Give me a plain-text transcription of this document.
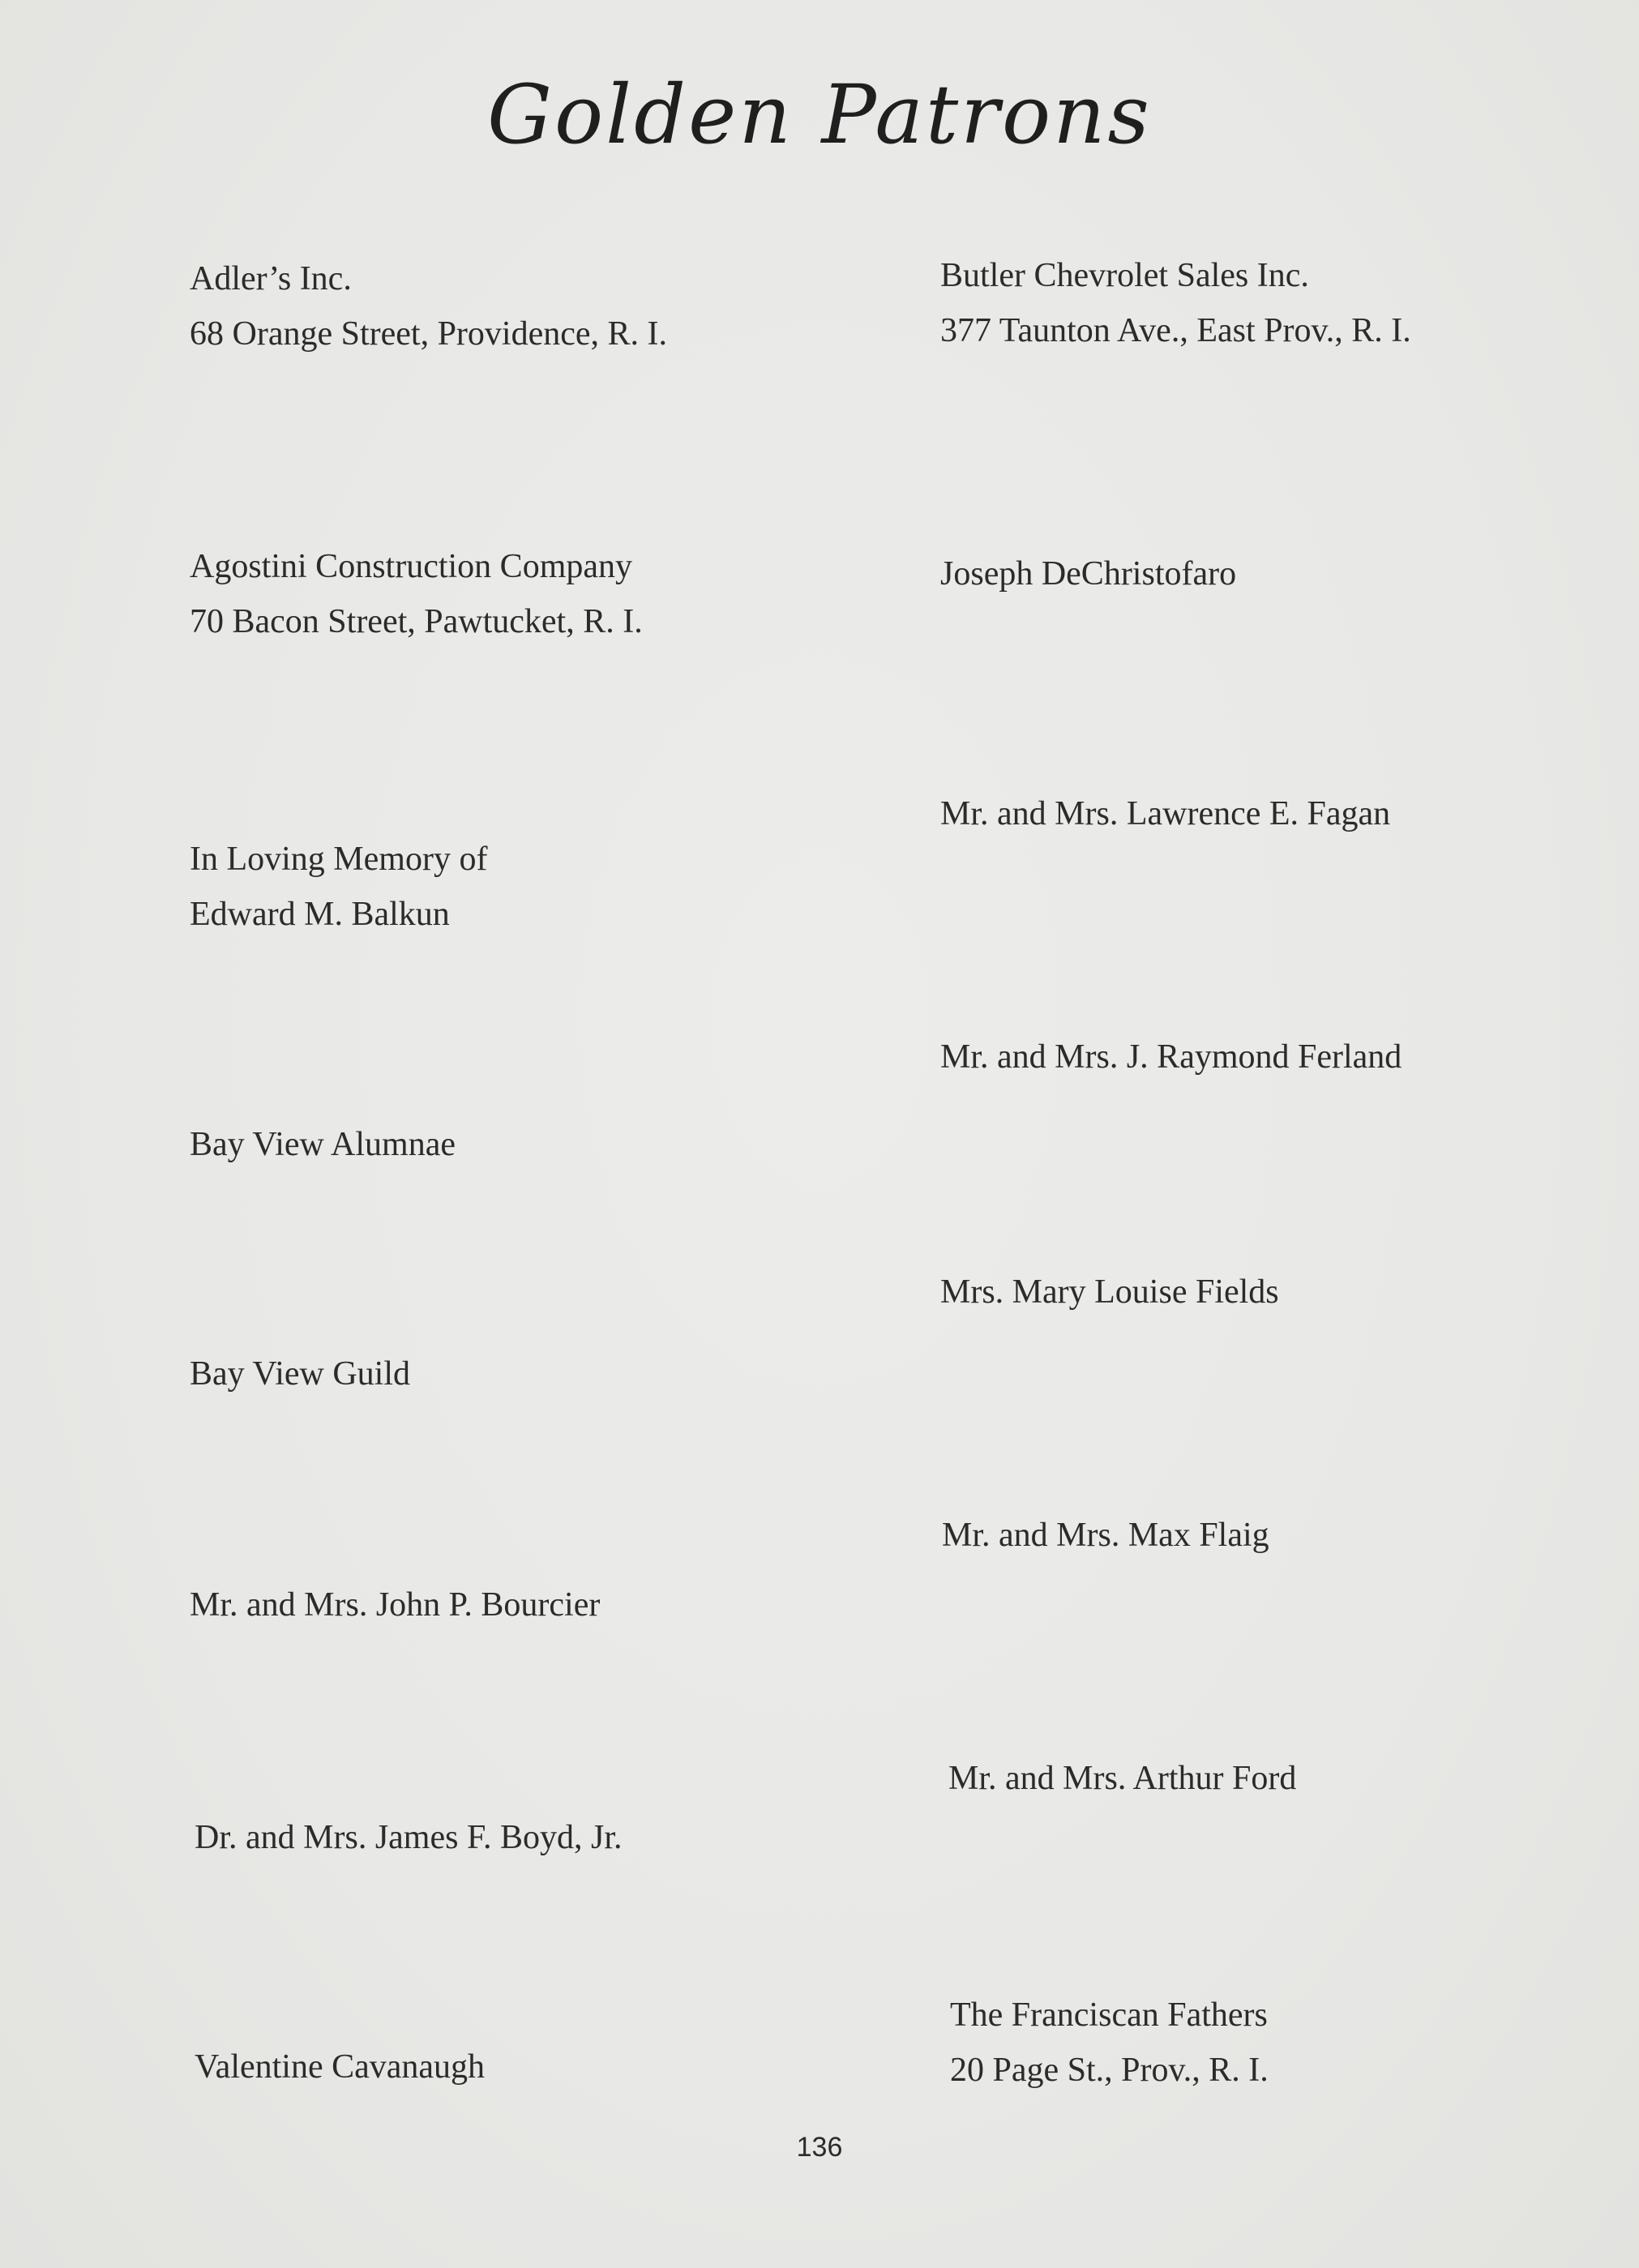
Golden Patrons
Adler’s Inc.
68 Orange Street, Providence, R. I.
Agostini Construction Company
70 Bacon Street, Pawtucket, R. I.
In Loving Memory of
Edward M. Balkun
Bay View Alumnae
Bay View Guild
Mr. and Mrs. John P. Bourcier
Dr. and Mrs. James F. Boyd, Jr.
Valentine Cavanaugh
Butler Chevrolet Sales Inc.
377 Taunton Ave., East Prov., R. I.
Joseph DeChristofaro
Mr. and Mrs. Lawrence E. Fagan
Mr. and Mrs. J. Raymond Ferland
Mrs. Mary Louise Fields
Mr. and Mrs. Max Flaig
Mr. and Mrs. Arthur Ford
The Franciscan Fathers
20 Page St., Prov., R. I.
136
